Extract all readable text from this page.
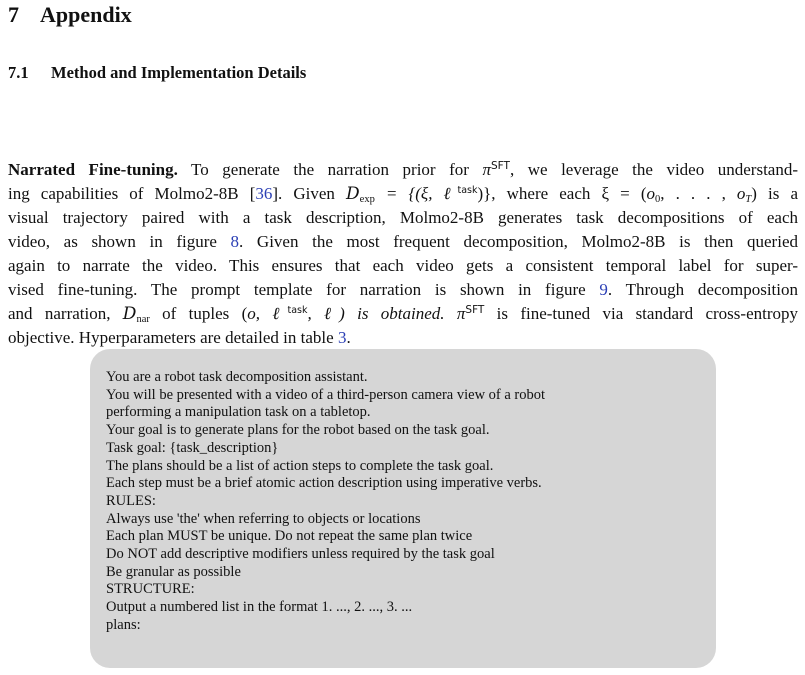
7 Appendix
7.1 Method and Implementation Details
Narrated Fine-tuning. To generate the narration prior for $\pi^{SFT}$, we leverage the video understand-
ing capabilities of Molmo2-8B [36]. Given $D_{exp} = \{(\xi$, ℓ$^{task}$)}, where each $\xi = (o_0$, . . . , $o_T$) is a
visual trajectory paired with a task description, Molmo2-8B generates task decompositions of each
video, as shown in figure 8. Given the most frequent decomposition, Molmo2-8B is then queried
again to narrate the video. This ensures that each video gets a consistent temporal label for super-
vised fine-tuning. The prompt template for narration is shown in figure 9. Through decomposition
and narration, $D_{nar}$ of tuples (o, ℓ$^{task}$, ℓ) is obtained. $\pi^{SFT}$ is fine-tuned via standard cross-entropy
objective. Hyperparameters are detailed in table 3.
You are a robot task decomposition assistant.
You will be presented with a video of a third-person camera view of a robot
performing a manipulation task on a tabletop.
Your goal is to generate plans for the robot based on the task goal.
Task goal: {task_description}
The plans should be a list of action steps to complete the task goal.
Each step must be a brief atomic action description using imperative verbs.
RULES:
Always use 'the' when referring to objects or locations
Each plan MUST be unique. Do not repeat the same plan twice
Do NOT add descriptive modifiers unless required by the task goal
Be granular as possible
STRUCTURE:
Output a numbered list in the format 1. ..., 2. ..., 3. ...
plans:
